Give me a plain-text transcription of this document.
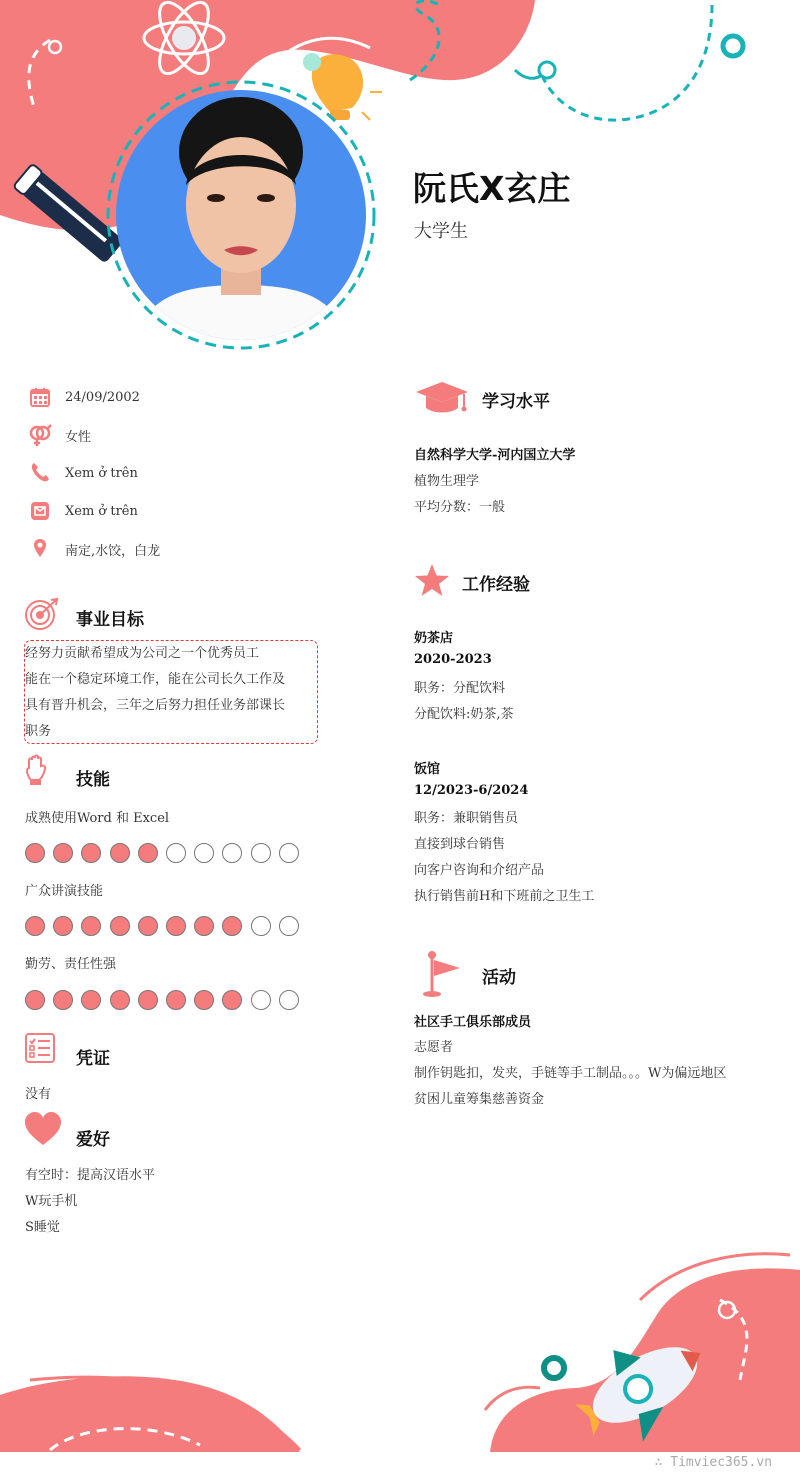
阮氏X玄庄
大学生
24/09/2002
女性
Xem ở trên
Xem ở trên
南定,水饺，白龙
事业目标
经努力贡献希望成为公司之一个优秀员工
能在一个稳定环境工作，能在公司长久工作及
具有晋升机会，三年之后努力担任业务部课长
职务
技能
成熟使用Word 和 Excel
广众讲演技能
勤劳、责任性强
凭证
没有
爱好
有空时：提高汉语水平
W玩手机
S睡觉
学习水平
自然科学大学-河内国立大学
植物生理学
平均分数：一般
工作经验
奶茶店
2020-2023
职务：分配饮料
分配饮料:奶茶,茶
饭馆
12/2023-6/2024
职务：兼职销售员
直接到球台销售
向客户咨询和介绍产品
执行销售前H和下班前之卫生工
活动
社区手工俱乐部成员
志愿者
制作钥匙扣，发夹，手链等手工制品。。。W为偏远地区
贫困儿童筹集慈善资金
∴ Timviec365.vn
